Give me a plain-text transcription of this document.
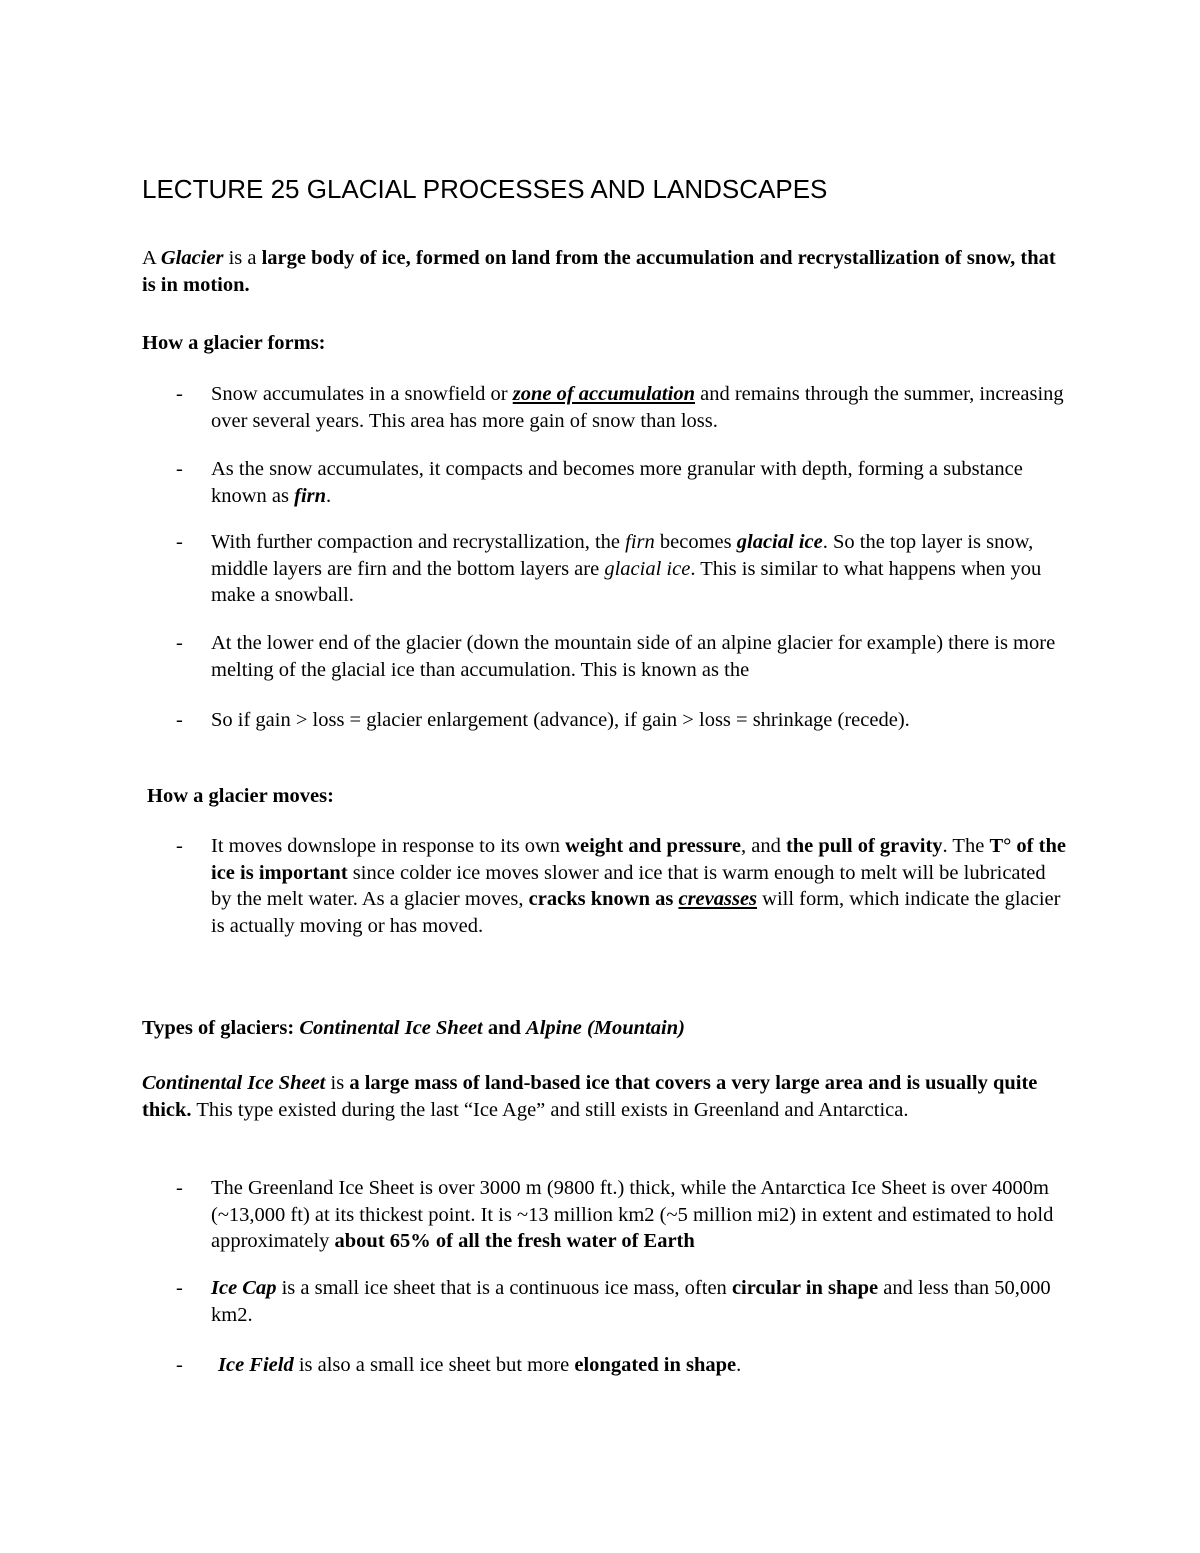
LECTURE 25 GLACIAL PROCESSES AND LANDSCAPES

A Glacier is a large body of ice, formed on land from the accumulation and recrystallization of snow, that is in motion.

How a glacier forms:

- Snow accumulates in a snowfield or zone of accumulation and remains through the summer, increasing over several years. This area has more gain of snow than loss.
- As the snow accumulates, it compacts and becomes more granular with depth, forming a substance known as firn.
- With further compaction and recrystallization, the firn becomes glacial ice. So the top layer is snow, middle layers are firn and the bottom layers are glacial ice. This is similar to what happens when you make a snowball.
- At the lower end of the glacier (down the mountain side of an alpine glacier for example) there is more melting of the glacial ice than accumulation. This is known as the
- So if gain > loss = glacier enlargement (advance), if gain > loss = shrinkage (recede).

How a glacier moves:

- It moves downslope in response to its own weight and pressure, and the pull of gravity. The T° of the ice is important since colder ice moves slower and ice that is warm enough to melt will be lubricated by the melt water. As a glacier moves, cracks known as crevasses will form, which indicate the glacier is actually moving or has moved.

Types of glaciers: Continental Ice Sheet and Alpine (Mountain)

Continental Ice Sheet is a large mass of land-based ice that covers a very large area and is usually quite thick. This type existed during the last “Ice Age” and still exists in Greenland and Antarctica.

- The Greenland Ice Sheet is over 3000 m (9800 ft.) thick, while the Antarctica Ice Sheet is over 4000m (~13,000 ft) at its thickest point. It is ~13 million km2 (~5 million mi2) in extent and estimated to hold approximately about 65% of all the fresh water of Earth
- Ice Cap is a small ice sheet that is a continuous ice mass, often circular in shape and less than 50,000 km2.
- Ice Field is also a small ice sheet but more elongated in shape.
